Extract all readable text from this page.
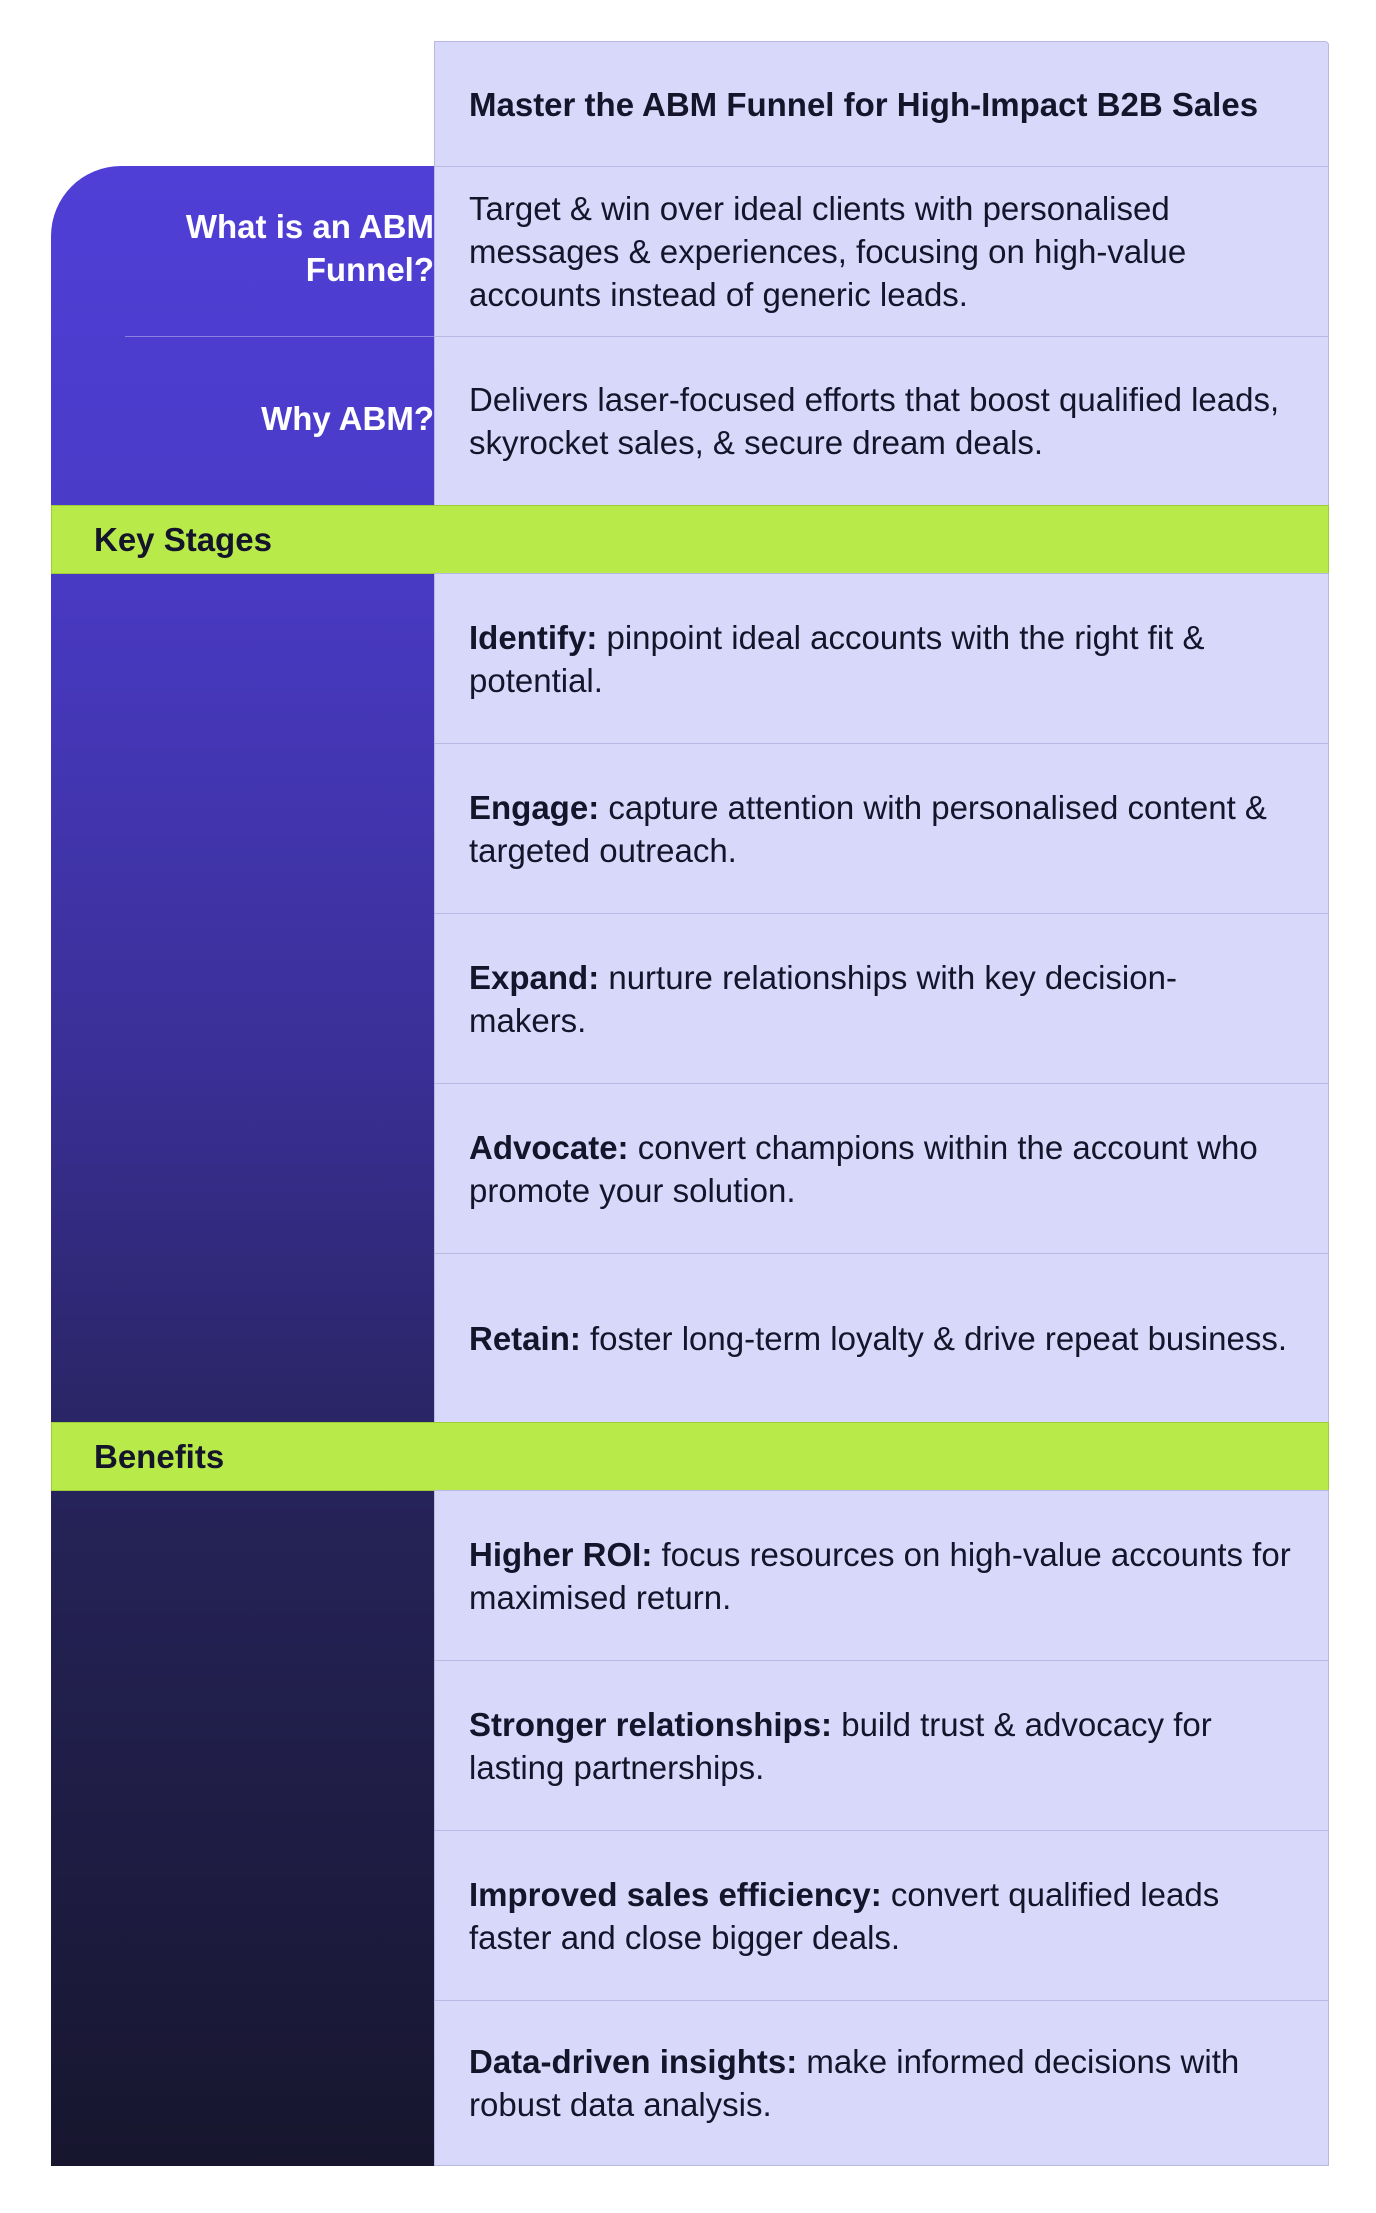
What is an ABM
Funnel?
Why ABM?
Master the ABM Funnel for High-Impact B2B Sales
Target & win over ideal clients with personalised messages & experiences, focusing on high-value accounts instead of generic leads.
Delivers laser-focused efforts that boost qualified leads, skyrocket sales, & secure dream deals.
Key Stages
Identify: pinpoint ideal accounts with the right fit & potential.
Engage: capture attention with personalised content & targeted outreach.
Expand: nurture relationships with key decision-makers.
Advocate: convert champions within the account who promote your solution.
Retain: foster long-term loyalty & drive repeat business.
Benefits
Higher ROI: focus resources on high-value accounts for maximised return.
Stronger relationships: build trust & advocacy for lasting partnerships.
Improved sales efficiency: convert qualified leads faster and close bigger deals.
Data-driven insights: make informed decisions with robust data analysis.
